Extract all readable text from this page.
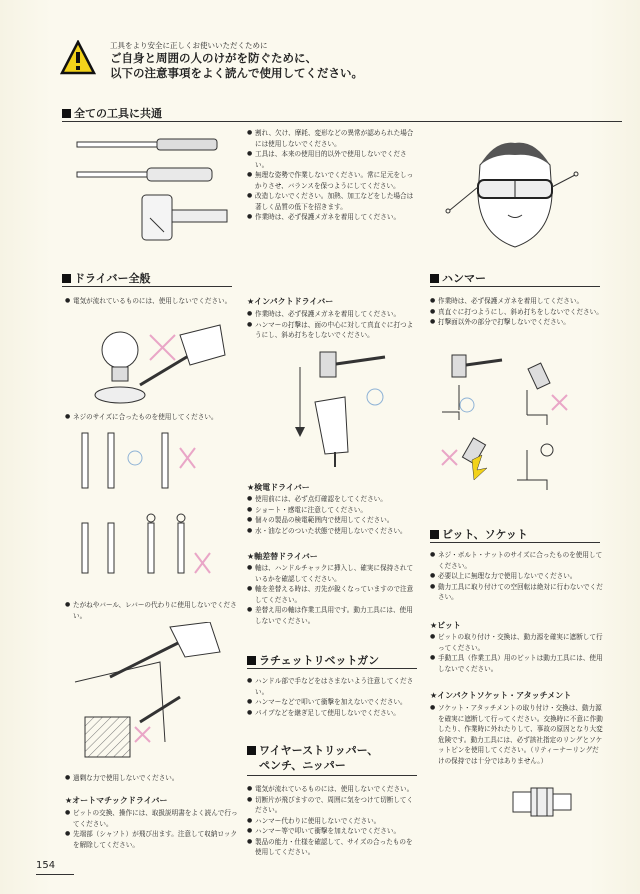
工具をより安全に正しくお使いいただくために
ご自身と周囲の人のけがを防ぐために、
以下の注意事項をよく読んで使用してください。
全ての工具に共通
● 割れ、欠け、摩耗、変形などの異常が認められた場合には使用しないでください。
● 工具は、本来の使用目的以外で使用しないでください。
● 無理な姿勢で作業しないでください。常に足元をしっかりさせ、バランスを保つようにしてください。
● 改造しないでください。加熱、加工などをした場合は著しく品質の低下を招きます。
● 作業時は、必ず保護メガネを着用してください。
ドライバー全般
● 電気が流れているものには、使用しないでください。
● ネジのサイズに合ったものを使用してください。
● たがねやバール、レバーの代わりに使用しないでください。
● 過剰な力で使用しないでください。
★オートマチックドライバー
● ビットの交換、操作には、取扱説明書をよく読んで行ってください。
● 先端部（シャフト）が飛び出ます。注意して収納ロックを解除してください。
★インパクトドライバー
● 作業時は、必ず保護メガネを着用してください。
● ハンマーの打撃は、面の中心に対して真直ぐに打つようにし、斜め打ちをしないでください。
★検電ドライバー
● 使用前には、必ず点灯確認をしてください。
● ショート・感電に注意してください。
● 個々の製品の検電範囲内で使用してください。
● 水・油などのついた状態で使用しないでください。
★軸差替ドライバー
● 軸は、ハンドルチャックに挿入し、確実に保持されているかを確認してください。
● 軸を差替える時は、刃先が銳くなっていますので注意してください。
● 差替え用の軸は作業工具用です。動力工具には、使用しないでください。
ラチェットリベットガン
● ハンドル部で手などをはさまないよう注意してください。
● ハンマーなどで叩いて衝撃を加えないでください。
● パイプなどを継ぎ足して使用しないでください。
ワイヤーストリッパー、
ペンチ、ニッパー
● 電気が流れているものには、使用しないでください。
● 切断片が飛びますので、周囲に気をつけて切断してください。
● ハンマー代わりに使用しないでください。
● ハンマー等で叩いて衝撃を加えないでください。
● 製品の能力・仕様を確認して、サイズの合ったものを使用してください。
ハンマー
● 作業時は、必ず保護メガネを着用してください。
● 真直ぐに打つようにし、斜め打ちをしないでください。
● 打撃面以外の部分で打撃しないでください。
ビット、ソケット
● ネジ・ボルト・ナットのサイズに合ったものを使用してください。
● 必要以上に無理な力で使用しないでください。
● 動力工具に取り付けての空回転は絶対に行わないでください。
★ビット
● ビットの取り付け・交換は、動力源を確実に遮断して行ってください。
● 手動工具（作業工具）用のビットは動力工具には、使用しないでください。
★インパクトソケット・アタッチメント
● ソケット・アタッチメントの取り付け・交換は、動力源を確実に遮断して行ってください。交換時に不意に作動したり、作業時に外れたりして、事故の原因となり大変危険です。動力工具には、必ず該社指定のリングとソケットピンを使用してください。（リティーナーリングだけの保持では十分ではありません。）
154
